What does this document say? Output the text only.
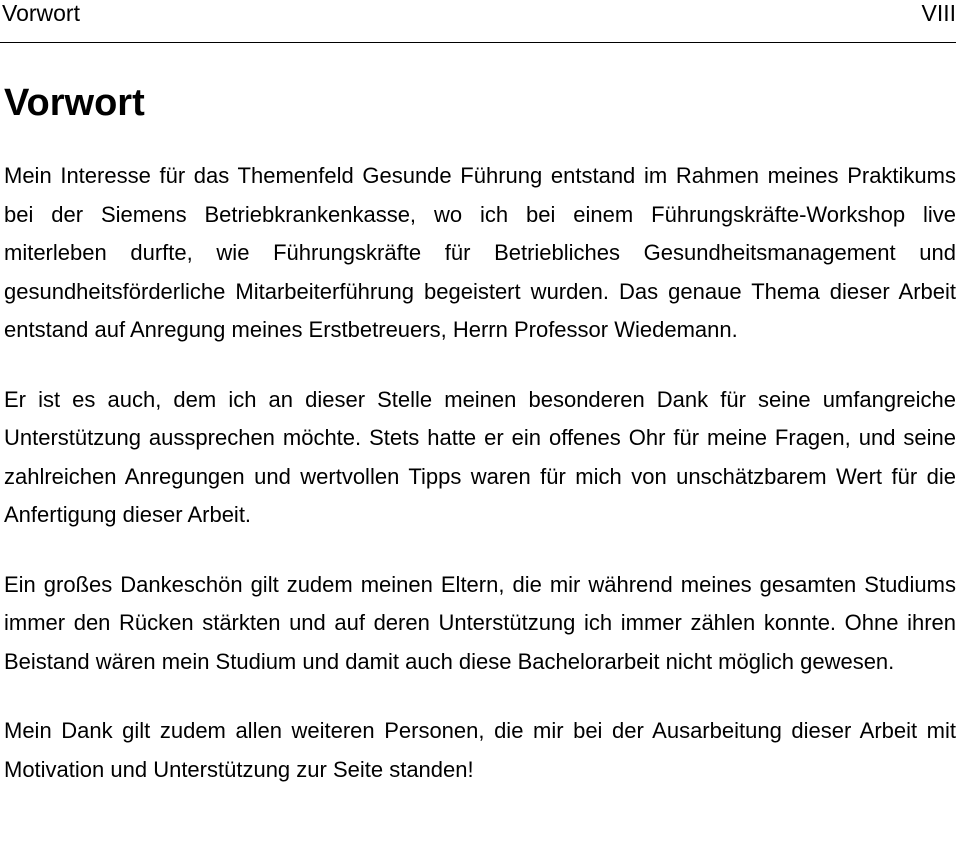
Vorwort	VIII
Vorwort

Mein Interesse für das Themenfeld Gesunde Führung entstand im Rahmen meines Praktikums bei der Siemens Betriebkrankenkasse, wo ich bei einem Führungskräfte-Workshop live miterleben durfte, wie Führungskräfte für Betriebliches Gesundheitsmanagement und gesundheitsförderliche Mitarbeiterführung begeistert wurden. Das genaue Thema dieser Arbeit entstand auf Anregung meines Erstbetreuers, Herrn Professor Wiedemann.

Er ist es auch, dem ich an dieser Stelle meinen besonderen Dank für seine umfangreiche Unterstützung aussprechen möchte. Stets hatte er ein offenes Ohr für meine Fragen, und seine zahlreichen Anregungen und wertvollen Tipps waren für mich von unschätzbarem Wert für die Anfertigung dieser Arbeit.

Ein großes Dankeschön gilt zudem meinen Eltern, die mir während meines gesamten Studiums immer den Rücken stärkten und auf deren Unterstützung ich immer zählen konnte. Ohne ihren Beistand wären mein Studium und damit auch diese Bachelorarbeit nicht möglich gewesen.

Mein Dank gilt zudem allen weiteren Personen, die mir bei der Ausarbeitung dieser Arbeit mit Motivation und Unterstützung zur Seite standen!
